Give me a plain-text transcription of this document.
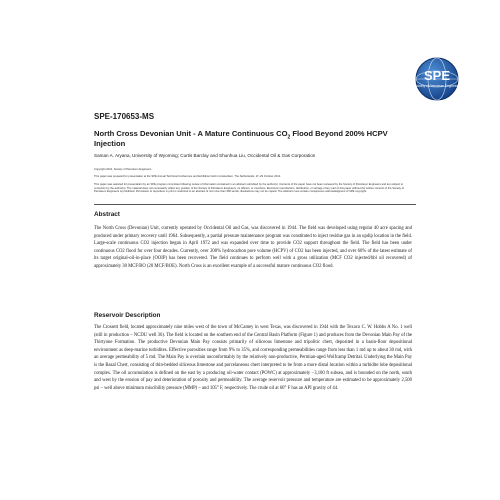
SPE
Society of Petroleum Engineers
SPE-170653-MS
North Cross Devonian Unit - A Mature Continuous $CO_2$ Flood Beyond 200% HCPV Injection
Saman A. Aryana, University of Wyoming; Curtis Barclay and Shunhua Liu, Occidental Oil & Gas Corporation
Copyright 2014, Society of Petroleum Engineers
This paper was prepared for presentation at the SPE Annual Technical Conference and Exhibition held in Amsterdam, The Netherlands, 27–29 October 2014.
This paper was selected for presentation by an SPE program committee following review of information contained in an abstract submitted by the author(s). Contents of the paper have not been reviewed by the Society of Petroleum Engineers and are subject to correction by the author(s). The material does not necessarily reflect any position of the Society of Petroleum Engineers, its officers, or members. Electronic reproduction, distribution, or storage of any part of this paper without the written consent of the Society of Petroleum Engineers is prohibited. Permission to reproduce in print is restricted to an abstract of not more than 300 words; illustrations may not be copied. The abstract must contain conspicuous acknowledgment of SPE copyright.
Abstract
The North Cross (Devonian) Unit, currently operated by Occidental Oil and Gas, was discovered in 1944. The field was developed using regular 40 acre spacing and produced under primary recovery until 1964. Subsequently, a partial pressure maintenance program was constituted to inject residue gas in an updip location in the field. Large-scale continuous CO2 injection began in April 1972 and was expanded over time to provide CO2 support throughout the field. The field has been under continuous CO2 flood for over four decades. Currently, over 200% hydrocarbon pore volume (HCPV) of CO2 has been injected, and over 60% of the latest estimate of its target original-oil-in-place (OOIP) has been recovered. The field continues to perform well with a gross utilization (MCF CO2 injected/bbl oil recovered) of approximately 30 MCF/BO (20 MCF/BOE). North Cross is an excellent example of a successful mature continuous CO2 flood.
Reservoir Description
The Crossett field, located approximately nine miles west of the town of McCamey in west Texas, was discovered in 1944 with the Texaco C. W. Hobbs A No. 1 well (still in production – NCDU well 36). The field is located on the southern end of the Central Basin Platform (Figure 1) and produces from the Devonian Main Pay of the Thirtyone Formation. The productive Devonian Main Pay consists primarily of siliceous limestone and tripolitic chert, deposited in a basin-floor depositional environment as deep-marine turbidites. Effective porosities range from 9% to 35%, and corresponding permeabilities range from less than 1 md up to about 30 md, with an average permeability of 5 md. The Main Pay is overlain unconformably by the relatively non-productive, Permian-aged Wolfcamp Detrital. Underlying the Main Pay is the Basal Chert, consisting of thin-bedded siliceous limestone and porcelaneous chert interpreted to be from a more distal location within a turbidite lobe depositional complex. The oil accumulation is defined on the east by a producing oil-water contact (POWC) at approximately −3,100 ft subsea, and is bounded on the north, south and west by the erosion of pay and deterioration of porosity and permeability. The average reservoir pressure and temperature are estimated to be approximately 2,500 psi – well above minimum miscibility pressure (MMP) – and 105° F, respectively. The crude oil at 60° F has an API gravity of 44.
